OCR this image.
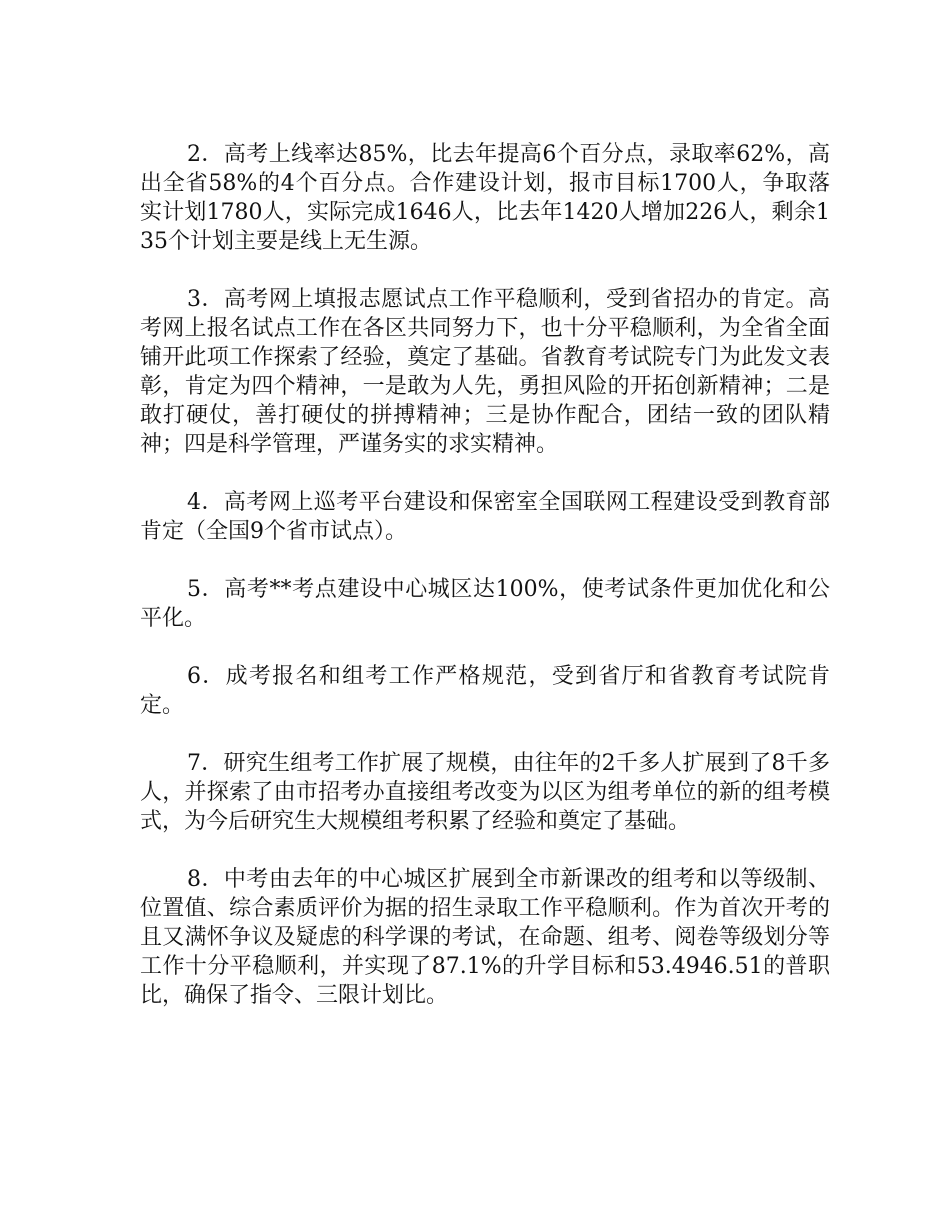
2．高考上线率达85%，比去年提高6个百分点，录取率62%，高出全省58%的4个百分点。合作建设计划，报市目标1700人，争取落实计划1780人，实际完成1646人，比去年1420人增加226人，剩余135个计划主要是线上无生源。

3．高考网上填报志愿试点工作平稳顺利，受到省招办的肯定。高考网上报名试点工作在各区共同努力下，也十分平稳顺利，为全省全面铺开此项工作探索了经验，奠定了基础。省教育考试院专门为此发文表彰，肯定为四个精神，一是敢为人先，勇担风险的开拓创新精神；二是敢打硬仗，善打硬仗的拼搏精神；三是协作配合，团结一致的团队精神；四是科学管理，严谨务实的求实精神。

4．高考网上巡考平台建设和保密室全国联网工程建设受到教育部肯定（全国9个省市试点）。

5．高考**考点建设中心城区达100%，使考试条件更加优化和公平化。

6．成考报名和组考工作严格规范，受到省厅和省教育考试院肯定。

7．研究生组考工作扩展了规模，由往年的2千多人扩展到了8千多人，并探索了由市招考办直接组考改变为以区为组考单位的新的组考模式，为今后研究生大规模组考积累了经验和奠定了基础。

8．中考由去年的中心城区扩展到全市新课改的组考和以等级制、位置值、综合素质评价为据的招生录取工作平稳顺利。作为首次开考的且又满怀争议及疑虑的科学课的考试，在命题、组考、阅卷等级划分等工作十分平稳顺利，并实现了87.1%的升学目标和53.4946.51的普职比，确保了指令、三限计划比。
